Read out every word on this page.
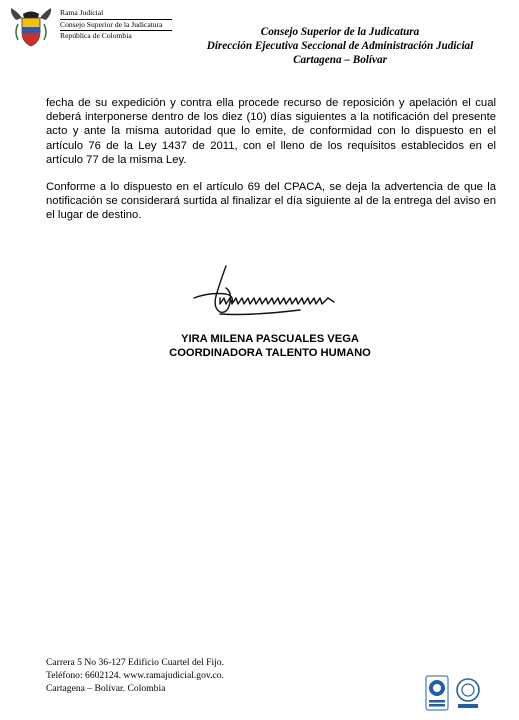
Rama Judicial
Consejo Superior de la Judicatura
República de Colombia	Consejo Superior de la Judicatura
Dirección Ejecutiva Seccional de Administración Judicial
Cartagena – Bolívar

fecha de su expedición y contra ella procede recurso de reposición y apelación el cual deberá interponerse dentro de los diez (10) días siguientes a la notificación del presente acto y ante la misma autoridad que lo emite, de conformidad con lo dispuesto en el artículo 76 de la Ley 1437 de 2011, con el lleno de los requisitos establecidos en el artículo 77 de la misma Ley.

Conforme a lo dispuesto en el artículo 69 del CPACA, se deja la advertencia de que la notificación se considerará surtida al finalizar el día siguiente al de la entrega del aviso en el lugar de destino.

YIRA MILENA PASCUALES VEGA
COORDINADORA TALENTO HUMANO
Carrera 5 No 36-127 Edificio Cuartel del Fijo.
Teléfono: 6602124. www.ramajudicial.gov.co.
Cartagena – Bolívar. Colombia
